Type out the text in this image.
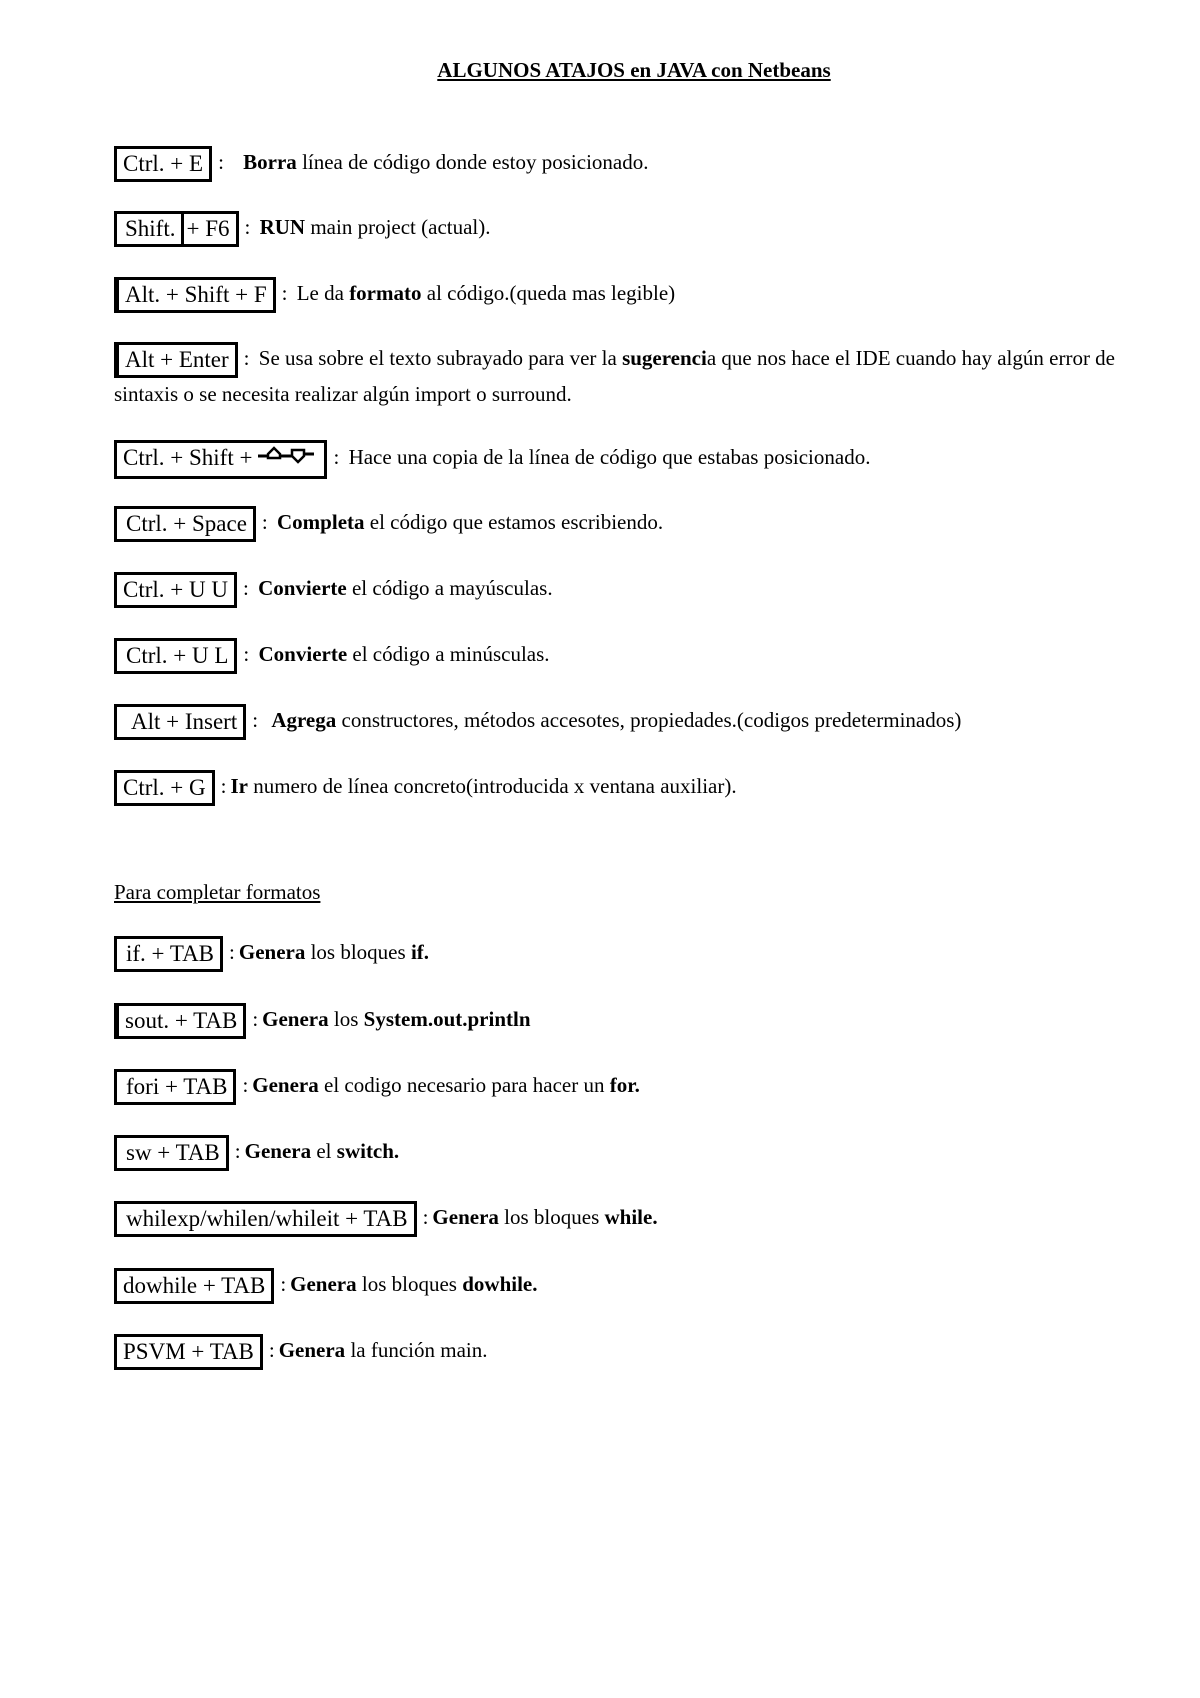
ALGUNOS ATAJOS en JAVA con Netbeans
Ctrl. + E : Borra línea de código donde estoy posicionado.
Shift. + F6 : RUN main project (actual).
Alt. + Shift + F : Le da formato al código.(queda mas legible)
Alt + Enter : Se usa sobre el texto subrayado para ver la sugerencia que nos hace el IDE cuando hay algún error de sintaxis o se necesita realizar algún import o surround.
Ctrl. + Shift +	: Hace una copia de la línea de código que estabas posicionado.
Ctrl. + Space : Completa el código que estamos escribiendo.
Ctrl. + U U : Convierte el código a mayúsculas.
Ctrl. + U L : Convierte el código a minúsculas.
Alt + Insert : Agrega constructores, métodos accesotes, propiedades.(codigos predeterminados)
Ctrl. + G : Ir numero de línea concreto(introducida x ventana auxiliar).
Para completar formatos
if. + TAB : Genera los bloques if.
sout. + TAB : Genera los System.out.println
fori + TAB : Genera el codigo necesario para hacer un for.
sw + TAB : Genera el switch.
whilexp/whilen/whileit + TAB : Genera los bloques while.
dowhile + TAB : Genera los bloques dowhile.
PSVM + TAB : Genera la función main.
